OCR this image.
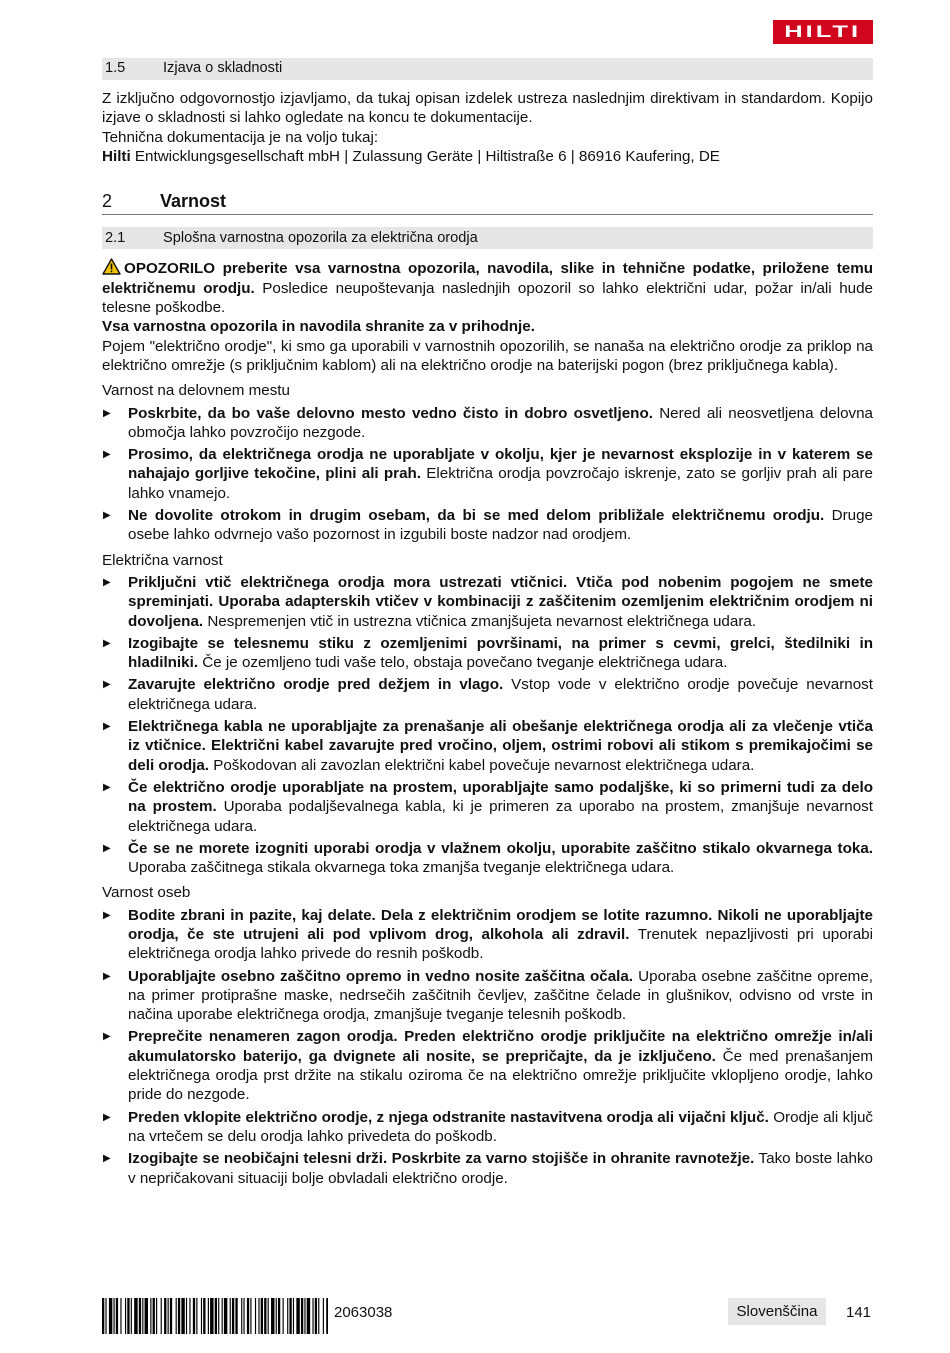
HILTI
1.5	Izjava o skladnosti

Z izključno odgovornostjo izjavljamo, da tukaj opisan izdelek ustreza naslednjim direktivam in standardom. Kopijo izjave o skladnosti si lahko ogledate na koncu te dokumentacije.

Tehnična dokumentacija je na voljo tukaj:

Hilti Entwicklungsgesellschaft mbH | Zulassung Geräte | Hiltistraße 6 | 86916 Kaufering, DE

2	Varnost
2.1	Splošna varnostna opozorila za električna orodja

OPOZORILO preberite vsa varnostna opozorila, navodila, slike in tehnične podatke, priložene temu električnemu orodju. Posledice neupoštevanja naslednjih opozoril so lahko električni udar, požar in/ali hude telesne poškodbe.

Vsa varnostna opozorila in navodila shranite za v prihodnje.

Pojem "električno orodje", ki smo ga uporabili v varnostnih opozorilih, se nanaša na električno orodje za priklop na električno omrežje (s priključnim kablom) ali na električno orodje na baterijski pogon (brez priključnega kabla).

Varnost na delovnem mestu

▶ Poskrbite, da bo vaše delovno mesto vedno čisto in dobro osvetljeno. Nered ali neosvetljena delovna območja lahko povzročijo nezgode.
▶ Prosimo, da električnega orodja ne uporabljate v okolju, kjer je nevarnost eksplozije in v katerem se nahajajo gorljive tekočine, plini ali prah. Električna orodja povzročajo iskrenje, zato se gorljiv prah ali pare lahko vnamejo.
▶ Ne dovolite otrokom in drugim osebam, da bi se med delom približale električnemu orodju. Druge osebe lahko odvrnejo vašo pozornost in izgubili boste nadzor nad orodjem.

Električna varnost

▶ Priključni vtič električnega orodja mora ustrezati vtičnici. Vtiča pod nobenim pogojem ne smete spreminjati. Uporaba adapterskih vtičev v kombinaciji z zaščitenim ozemljenim električnim orodjem ni dovoljena. Nespremenjen vtič in ustrezna vtičnica zmanjšujeta nevarnost električnega udara.
▶ Izogibajte se telesnemu stiku z ozemljenimi površinami, na primer s cevmi, grelci, štedilniki in hladilniki. Če je ozemljeno tudi vaše telo, obstaja povečano tveganje električnega udara.
▶ Zavarujte električno orodje pred dežjem in vlago. Vstop vode v električno orodje povečuje nevarnost električnega udara.
▶ Električnega kabla ne uporabljajte za prenašanje ali obešanje električnega orodja ali za vlečenje vtiča iz vtičnice. Električni kabel zavarujte pred vročino, oljem, ostrimi robovi ali stikom s premikajočimi se deli orodja. Poškodovan ali zavozlan električni kabel povečuje nevarnost električnega udara.
▶ Če električno orodje uporabljate na prostem, uporabljajte samo podaljške, ki so primerni tudi za delo na prostem. Uporaba podaljševalnega kabla, ki je primeren za uporabo na prostem, zmanjšuje nevarnost električnega udara.
▶ Če se ne morete izogniti uporabi orodja v vlažnem okolju, uporabite zaščitno stikalo okvarnega toka. Uporaba zaščitnega stikala okvarnega toka zmanjša tveganje električnega udara.

Varnost oseb

▶ Bodite zbrani in pazite, kaj delate. Dela z električnim orodjem se lotite razumno. Nikoli ne uporabljajte orodja, če ste utrujeni ali pod vplivom drog, alkohola ali zdravil. Trenutek nepazljivosti pri uporabi električnega orodja lahko privede do resnih poškodb.
▶ Uporabljajte osebno zaščitno opremo in vedno nosite zaščitna očala. Uporaba osebne zaščitne opreme, na primer protiprašne maske, nedrsečih zaščitnih čevljev, zaščitne čelade in glušnikov, odvisno od vrste in načina uporabe električnega orodja, zmanjšuje tveganje telesnih poškodb.
▶ Preprečite nenameren zagon orodja. Preden električno orodje priključite na električno omrežje in/ali akumulatorsko baterijo, ga dvignete ali nosite, se prepričajte, da je izključeno. Če med prenašanjem električnega orodja prst držite na stikalu oziroma če na električno omrežje priključite vklopljeno orodje, lahko pride do nezgode.
▶ Preden vklopite električno orodje, z njega odstranite nastavitvena orodja ali vijačni ključ. Orodje ali ključ na vrtečem se delu orodja lahko privedeta do poškodb.
▶ Izogibajte se neobičajni telesni drži. Poskrbite za varno stojišče in ohranite ravnotežje. Tako boste lahko v nepričakovani situaciji bolje obvladali električno orodje.
2063038	Slovenščina 141
